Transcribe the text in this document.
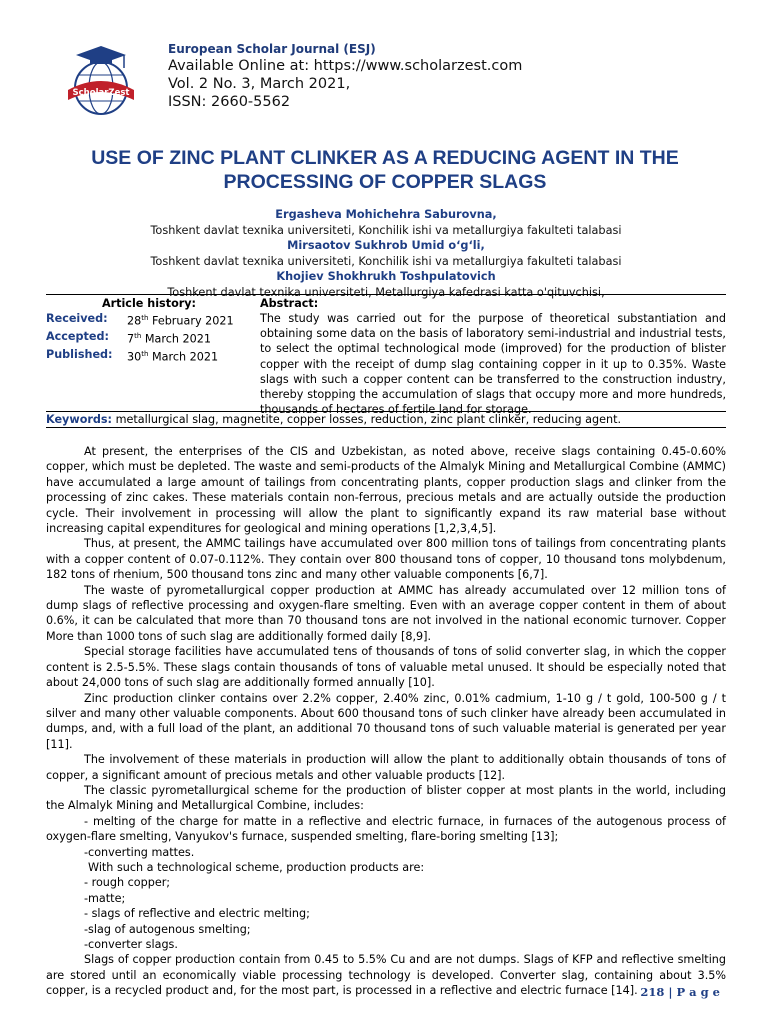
ScholarZest
European Scholar Journal (ESJ)
Available Online at: https://www.scholarzest.com
Vol. 2 No. 3, March 2021,
ISSN: 2660-5562
USE OF ZINC PLANT CLINKER AS A REDUCING AGENT IN THE PROCESSING OF COPPER SLAGS
Ergasheva Mohichehra Saburovna,
Toshkent davlat texnika universiteti, Konchilik ishi va metallurgiya fakulteti talabasi
Mirsaotov Sukhrob Umid o‘g‘li,
Toshkent davlat texnika universiteti, Konchilik ishi va metallurgiya fakulteti talabasi
Khojiev Shokhrukh Toshpulatovich
Toshkent davlat texnika universiteti, Metallurgiya kafedrasi katta o'qituvchisi,
Article history:
Received:	28th February 2021
Accepted:	7th March 2021
Published:	30th March 2021
Abstract:
The study was carried out for the purpose of theoretical substantiation and obtaining some data on the basis of laboratory semi-industrial and industrial tests, to select the optimal technological mode (improved) for the production of blister copper with the receipt of dump slag containing copper in it up to 0.35%. Waste slags with such a copper content can be transferred to the construction industry, thereby stopping the accumulation of slags that occupy more and more hundreds, thousands of hectares of fertile land for storage.
Keywords: metallurgical slag, magnetite, copper losses, reduction, zinc plant clinker, reducing agent.

At present, the enterprises of the CIS and Uzbekistan, as noted above, receive slags containing 0.45-0.60% copper, which must be depleted. The waste and semi-products of the Almalyk Mining and Metallurgical Combine (AMMC) have accumulated a large amount of tailings from concentrating plants, copper production slags and clinker from the processing of zinc cakes. These materials contain non-ferrous, precious metals and are actually outside the production cycle. Their involvement in processing will allow the plant to significantly expand its raw material base without increasing capital expenditures for geological and mining operations [1,2,3,4,5].

Thus, at present, the AMMC tailings have accumulated over 800 million tons of tailings from concentrating plants with a copper content of 0.07-0.112%. They contain over 800 thousand tons of copper, 10 thousand tons molybdenum, 182 tons of rhenium, 500 thousand tons zinc and many other valuable components [6,7].

The waste of pyrometallurgical copper production at AMMC has already accumulated over 12 million tons of dump slags of reflective processing and oxygen-flare smelting. Even with an average copper content in them of about 0.6%, it can be calculated that more than 70 thousand tons are not involved in the national economic turnover. Copper More than 1000 tons of such slag are additionally formed daily [8,9].

Special storage facilities have accumulated tens of thousands of tons of solid converter slag, in which the copper content is 2.5-5.5%. These slags contain thousands of tons of valuable metal unused. It should be especially noted that about 24,000 tons of such slag are additionally formed annually [10].

Zinc production clinker contains over 2.2% copper, 2.40% zinc, 0.01% cadmium, 1-10 g / t gold, 100-500 g / t silver and many other valuable components. About 600 thousand tons of such clinker have already been accumulated in dumps, and, with a full load of the plant, an additional 70 thousand tons of such valuable material is generated per year [11].

The involvement of these materials in production will allow the plant to additionally obtain thousands of tons of copper, a significant amount of precious metals and other valuable products [12].

The classic pyrometallurgical scheme for the production of blister copper at most plants in the world, including the Almalyk Mining and Metallurgical Combine, includes:

- melting of the charge for matte in a reflective and electric furnace, in furnaces of the autogenous process of oxygen-flare smelting, Vanyukov's furnace, suspended smelting, flare-boring smelting [13];

-converting mattes.

With such a technological scheme, production products are:

- rough copper;

-matte;

- slags of reflective and electric melting;

-slag of autogenous smelting;

-converter slags.

Slags of copper production contain from 0.45 to 5.5% Cu and are not dumps. Slags of KFP and reflective smelting are stored until an economically viable processing technology is developed. Converter slag, containing about 3.5% copper, is a recycled product and, for the most part, is processed in a reflective and electric furnace [14]. 218 | P a g e
